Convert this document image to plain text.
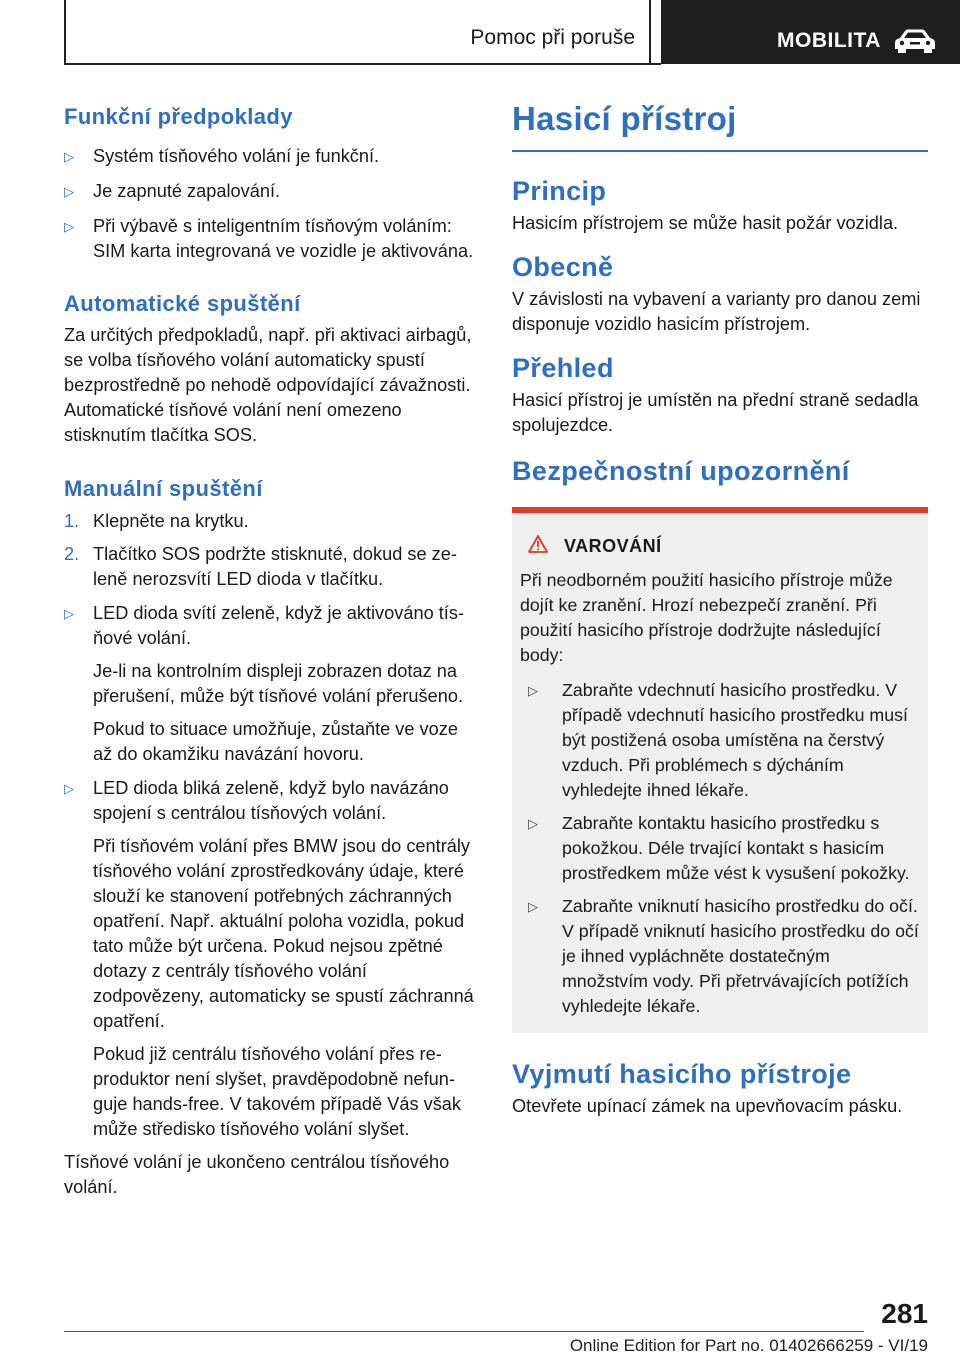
Pomoc při poruše	MOBILITA
Funkční předpoklady
▷ Systém tísňového volání je funkční.
▷ Je zapnuté zapalování.
▷ Při výbavě s inteligentním tísňovým voláním: SIM karta integrovaná ve vozidle je aktivována.
Automatické spuštění

Za určitých předpokladů, např. při aktivaci airbagů, se volba tísňového volání automaticky spustí bezprostředně po nehodě odpovídající závažnosti. Automatické tísňové volání není omezeno stisknutím tlačítka SOS.

Manuální spuštění
1. Klepněte na krytku.
2. Tlačítko SOS podržte stisknuté, dokud se zeleně nerozsvítí LED dioda v tlačítku.
▷ LED dioda svítí zeleně, když je aktivováno tísňové volání.

Je-li na kontrolním displeji zobrazen dotaz na přerušení, může být tísňové volání přerušeno.

Pokud to situace umožňuje, zůstaňte ve voze až do okamžiku navázání hovoru.

▷ LED dioda bliká zeleně, když bylo navázáno spojení s centrálou tísňových volání.

Při tísňovém volání přes BMW jsou do centrály tísňového volání zprostředkovány údaje, které slouží ke stanovení potřebných záchranných opatření. Např. aktuální poloha vozidla, pokud tato může být určena. Pokud nejsou zpětné dotazy z centrály tísňového volání zodpovězeny, automaticky se spustí záchranná opatření.

Pokud již centrálu tísňového volání přes reproduktor není slyšet, pravděpodobně nefunguje hands-free. V takovém případě Vás však může středisko tísňového volání slyšet.

Tísňové volání je ukončeno centrálou tísňového volání.

Hasicí přístroj
Princip

Hasicím přístrojem se může hasit požár vozidla.

Obecně

V závislosti na vybavení a varianty pro danou zemi disponuje vozidlo hasicím přístrojem.

Přehled

Hasicí přístroj je umístěn na přední straně sedadla spolujezdce.

Bezpečnostní upozornění
VAROVÁNÍ

Při neodborném použití hasicího přístroje může dojít ke zranění. Hrozí nebezpečí zranění. Při použití hasicího přístroje dodržujte následující body:

▷ Zabraňte vdechnutí hasicího prostředku. V případě vdechnutí hasicího prostředku musí být postižená osoba umístěna na čerstvý vzduch. Při problémech s dýcháním vyhledejte ihned lékaře.
▷ Zabraňte kontaktu hasicího prostředku s pokožkou. Déle trvající kontakt s hasicím prostředkem může vést k vysušení pokožky.
▷ Zabraňte vniknutí hasicího prostředku do očí. V případě vniknutí hasicího prostředku do očí je ihned vypláchněte dostatečným množstvím vody. Při přetrvávajících potížích vyhledejte lékaře.
Vyjmutí hasicího přístroje

Otevřete upínací zámek na upevňovacím pásku.

281
Online Edition for Part no. 01402666259 - VI/19
